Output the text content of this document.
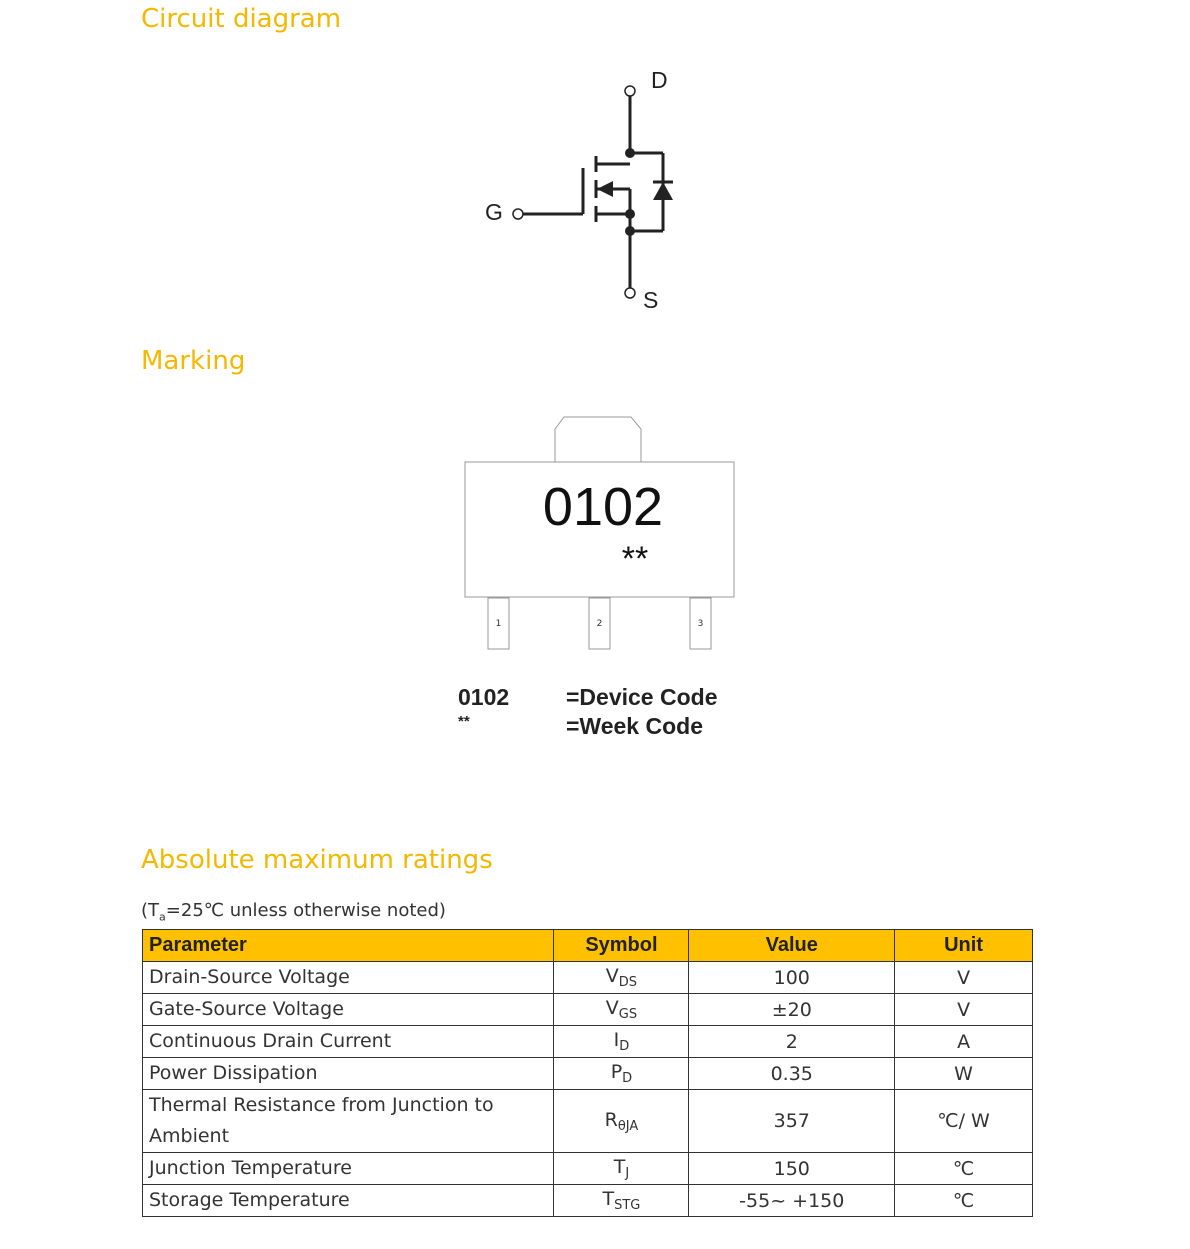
Circuit diagram
Marking
Absolute maximum ratings
D
G
S
0102
**
1	2	3
0102	=Device Code
**	=Week Code
($T_a=25℃$ unless otherwise noted)
Parameter	Symbol	Value	Unit
Drain-Source Voltage	$V_{DS}$	100	V
Gate-Source Voltage	$V_{GS}$	±20	V
Continuous Drain Current	$I_D$	2	A
Power Dissipation	$P_D$	0.35	W
Thermal Resistance from Junction to Ambient	$R_{\theta JA}$	357	℃/ W
Junction Temperature	$T_J$	150	℃
Storage Temperature	$T_{STG}$	-55~ +150	℃
